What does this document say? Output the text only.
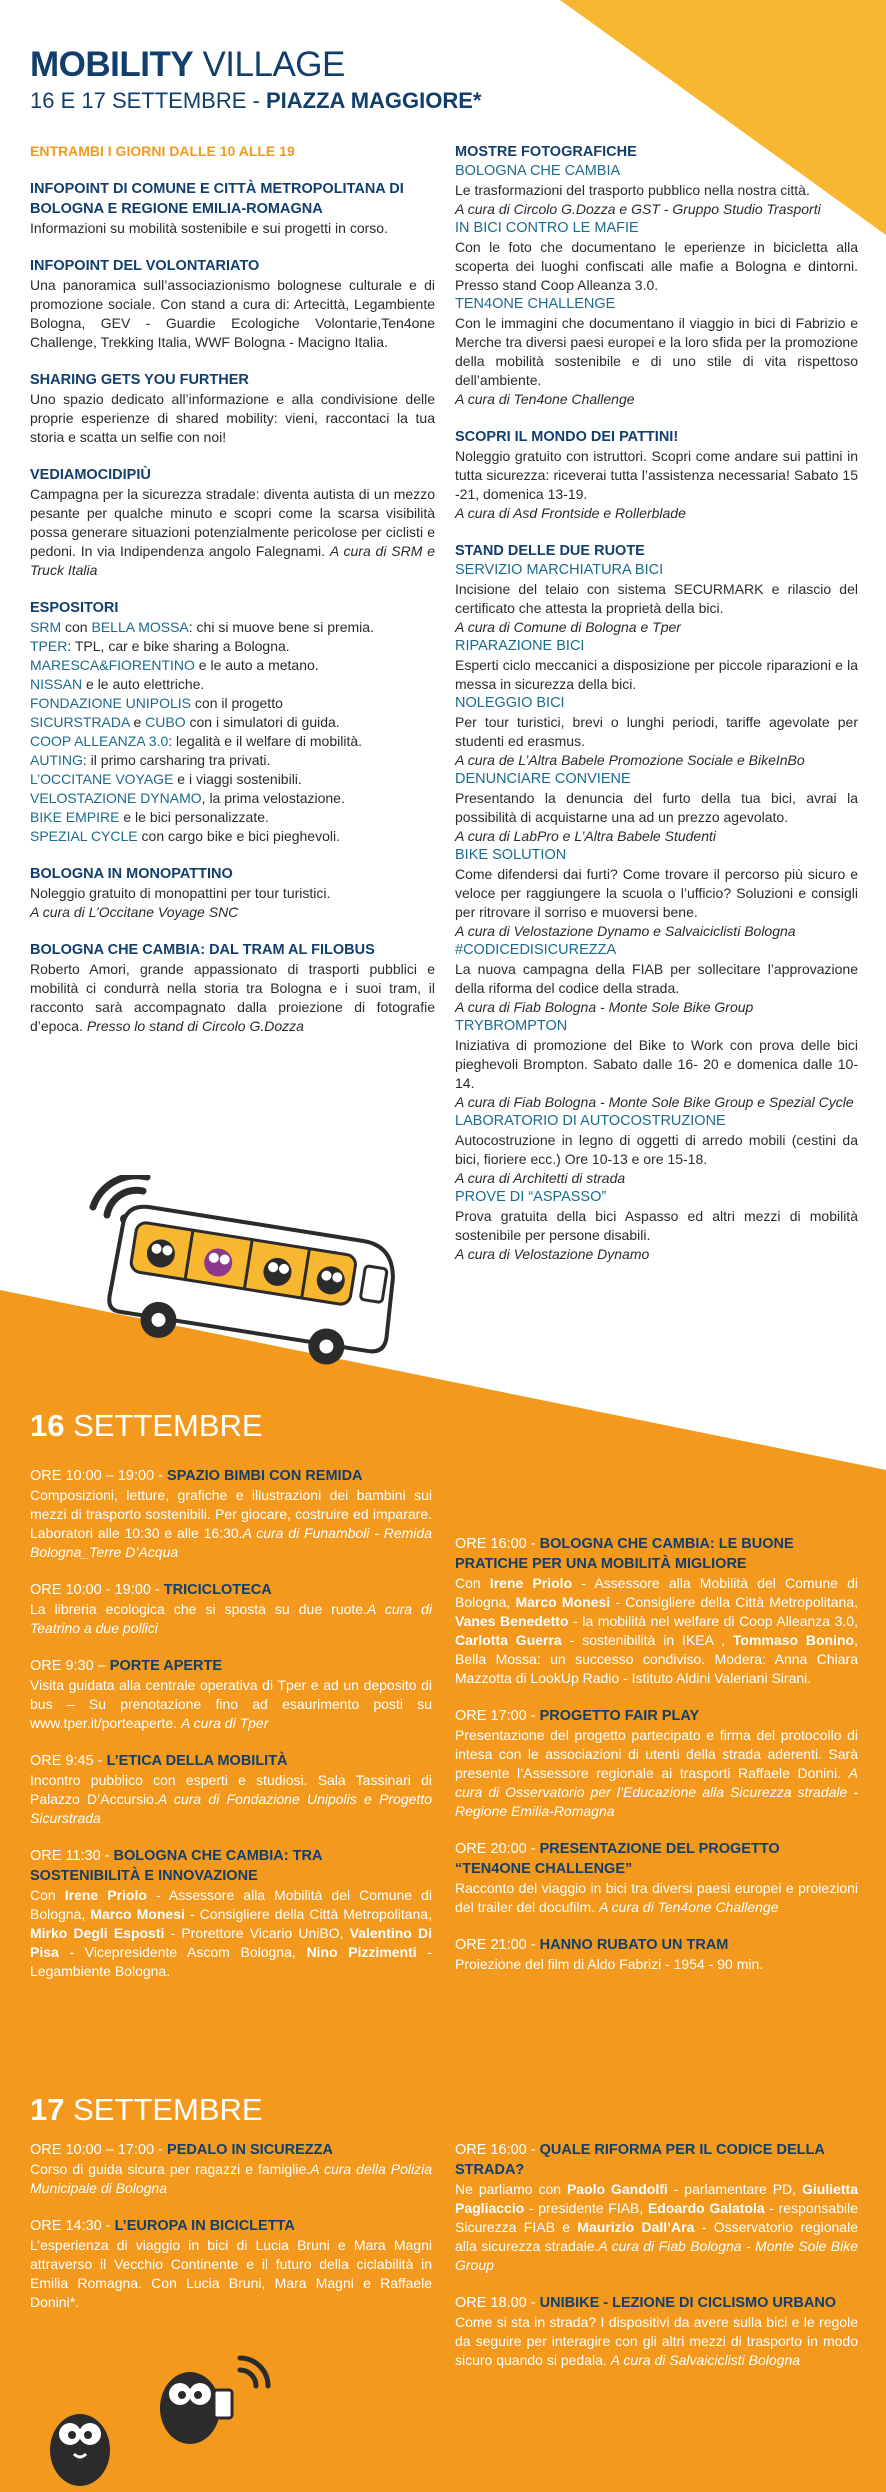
MOBILITY VILLAGE
16 E 17 SETTEMBRE - PIAZZA MAGGIORE*
ENTRAMBI I GIORNI DALLE 10 ALLE 19
INFOPOINT DI COMUNE E CITTÀ METROPOLITANA DI BOLOGNA E REGIONE EMILIA-ROMAGNA
Informazioni su mobilità sostenibile e sui progetti in corso.
INFOPOINT DEL VOLONTARIATO
Una panoramica sull’associazionismo bolognese culturale e di promozione sociale. Con stand a cura di: Artecittà, Legambiente Bologna, GEV - Guardie Ecologiche Volontarie,Ten4one Challenge, Trekking Italia, WWF Bologna - Macigno Italia.
SHARING GETS YOU FURTHER
Uno spazio dedicato all’informazione e alla condivisione delle proprie esperienze di shared mobility: vieni, raccontaci la tua storia e scatta un selfie con noi!
VEDIAMOCIDIPIÙ
Campagna per la sicurezza stradale: diventa autista di un mezzo pesante per qualche minuto e scopri come la scarsa visibilità possa generare situazioni potenzialmente pericolose per ciclisti e pedoni. In via Indipendenza angolo Falegnami. A cura di SRM e Truck Italia
ESPOSITORI
SRM con BELLA MOSSA: chi si muove bene si premia.
TPER: TPL, car e bike sharing a Bologna.
MARESCA&FIORENTINO e le auto a metano.
NISSAN e le auto elettriche.
FONDAZIONE UNIPOLIS con il progetto
SICURSTRADA e CUBO con i simulatori di guida.
COOP ALLEANZA 3.0: legalità e il welfare di mobilità.
AUTING: il primo carsharing tra privati.
L’OCCITANE VOYAGE e i viaggi sostenibili.
VELOSTAZIONE DYNAMO, la prima velostazione.
BIKE EMPIRE e le bici personalizzate.
SPEZIAL CYCLE con cargo bike e bici pieghevoli.
BOLOGNA IN MONOPATTINO
Noleggio gratuito di monopattini per tour turistici.
A cura di L’Occitane Voyage SNC
BOLOGNA CHE CAMBIA: DAL TRAM AL FILOBUS
Roberto Amori, grande appassionato di trasporti pubblici e mobilità ci condurrà nella storia tra Bologna e i suoi tram, il racconto sarà accompagnato dalla proiezione di fotografie d’epoca. Presso lo stand di Circolo G.Dozza
MOSTRE FOTOGRAFICHE
BOLOGNA CHE CAMBIA
Le trasformazioni del trasporto pubblico nella nostra città.
A cura di Circolo G.Dozza e GST - Gruppo Studio Trasporti
IN BICI CONTRO LE MAFIE
Con le foto che documentano le eperienze in bicicletta alla scoperta dei luoghi confiscati alle mafie a Bologna e dintorni. Presso stand Coop Alleanza 3.0.
TEN4ONE CHALLENGE
Con le immagini che documentano il viaggio in bici di Fabrizio e Merche tra diversi paesi europei e la loro sfida per la promozione della mobilità sostenibile e di uno stile di vita rispettoso dell’ambiente.
A cura di Ten4one Challenge
SCOPRI IL MONDO DEI PATTINI!
Noleggio gratuito con istruttori. Scopri come andare sui pattini in tutta sicurezza: riceverai tutta l’assistenza necessaria! Sabato 15 -21, domenica 13-19.
A cura di Asd Frontside e Rollerblade
STAND DELLE DUE RUOTE
SERVIZIO MARCHIATURA BICI
Incisione del telaio con sistema SECURMARK e rilascio del certificato che attesta la proprietà della bici.
A cura di Comune di Bologna e Tper
RIPARAZIONE BICI
Esperti ciclo meccanici a disposizione per piccole riparazioni e la messa in sicurezza della bici.
NOLEGGIO BICI
Per tour turistici, brevi o lunghi periodi, tariffe agevolate per studenti ed erasmus.
A cura de L’Altra Babele Promozione Sociale e BikeInBo
DENUNCIARE CONVIENE
Presentando la denuncia del furto della tua bici, avrai la possibilità di acquistarne una ad un prezzo agevolato.
A cura di LabPro e L’Altra Babele Studenti
BIKE SOLUTION
Come difendersi dai furti? Come trovare il percorso più sicuro e veloce per raggiungere la scuola o l’ufficio? Soluzioni e consigli per ritrovare il sorriso e muoversi bene.
A cura di Velostazione Dynamo e Salvaiciclisti Bologna
#CODICEDISICUREZZA
La nuova campagna della FIAB per sollecitare l’approvazione della riforma del codice della strada.
A cura di Fiab Bologna - Monte Sole Bike Group
TRYBROMPTON
Iniziativa di promozione del Bike to Work con prova delle bici pieghevoli Brompton. Sabato dalle 16- 20 e domenica dalle 10-14.
A cura di Fiab Bologna - Monte Sole Bike Group e Spezial Cycle
LABORATORIO DI AUTOCOSTRUZIONE
Autocostruzione in legno di oggetti di arredo mobili (cestini da bici, fioriere ecc.) Ore 10-13 e ore 15-18.
A cura di Architetti di strada
PROVE DI “ASPASSO”
Prova gratuita della bici Aspasso ed altri mezzi di mobilità sostenibile per persone disabili.
A cura di Velostazione Dynamo
16 SETTEMBRE
ORE 10:00 – 19:00 - SPAZIO BIMBI CON REMIDA
Composizioni, letture, grafiche e illustrazioni dei bambini sui mezzi di trasporto sostenibili. Per giocare, costruire ed imparare. Laboratori alle 10:30 e alle 16:30.A cura di Funamboli - Remida Bologna_Terre D’Acqua
ORE 10:00 - 19:00 - TRICICLOTECA
La libreria ecologica che si sposta su due ruote.A cura di Teatrino a due pollici
ORE 9:30 – PORTE APERTE
Visita guidata alla centrale operativa di Tper e ad un deposito di bus – Su prenotazione fino ad esaurimento posti su www.tper.it/porteaperte. A cura di Tper
ORE 9:45 - L’ETICA DELLA MOBILITÀ
Incontro pubblico con esperti e studiosi. Sala Tassinari di Palazzo D’Accursio.A cura di Fondazione Unipolis e Progetto Sicurstrada
ORE 11:30 - BOLOGNA CHE CAMBIA: TRA SOSTENIBILITÀ E INNOVAZIONE
Con Irene Priolo - Assessore alla Mobilità del Comune di Bologna, Marco Monesi - Consigliere della Città Metropolitana, Mirko Degli Esposti - Prorettore Vicario UniBO, Valentino Di Pisa - Vicepresidente Ascom Bologna, Nino Pizzimenti - Legambiente Bologna.
ORE 16:00 - BOLOGNA CHE CAMBIA: LE BUONE PRATICHE PER UNA MOBILITÀ MIGLIORE
Con Irene Priolo - Assessore alla Mobilità del Comune di Bologna, Marco Monesi - Consigliere della Città Metropolitana, Vanes Benedetto - la mobilità nel welfare di Coop Alleanza 3.0, Carlotta Guerra - sostenibilità in IKEA , Tommaso Bonino, Bella Mossa: un successo condiviso. Modera: Anna Chiara Mazzotta di LookUp Radio - Istituto Aldini Valeriani Sirani.
ORE 17:00 - PROGETTO FAIR PLAY
Presentazione del progetto partecipato e firma del protocollo di intesa con le associazioni di utenti della strada aderenti. Sarà presente l’Assessore regionale ai trasporti Raffaele Donini. A cura di Osservatorio per l’Educazione alla Sicurezza stradale - Regione Emilia-Romagna
ORE 20:00 - PRESENTAZIONE DEL PROGETTO “TEN4ONE CHALLENGE”
Racconto del viaggio in bici tra diversi paesi europei e proiezioni del trailer del docufilm. A cura di Ten4one Challenge
ORE 21:00 - HANNO RUBATO UN TRAM
Proiezione del film di Aldo Fabrizi - 1954 - 90 min.
17 SETTEMBRE
ORE 10:00 – 17:00 - PEDALO IN SICUREZZA
Corso di guida sicura per ragazzi e famiglie.A cura della Polizia Municipale di Bologna
ORE 14:30 - L’EUROPA IN BICICLETTA
L’esperienza di viaggio in bici di Lucia Bruni e Mara Magni attraverso il Vecchio Continente e il futuro della ciclabilità in Emilia Romagna. Con Lucia Bruni, Mara Magni e Raffaele Donini*.
ORE 16:00 - QUALE RIFORMA PER IL CODICE DELLA STRADA?
Ne parliamo con Paolo Gandolfi - parlamentare PD, Giulietta Pagliaccio - presidente FIAB, Edoardo Galatola - responsabile Sicurezza FIAB e Maurizio Dall’Ara - Osservatorio regionale alla sicurezza stradale.A cura di Fiab Bologna - Monte Sole Bike Group
ORE 18.00 - UNIBIKE - LEZIONE DI CICLISMO URBANO
Come si sta in strada? I dispositivi da avere sulla bici e le regole da seguire per interagire con gli altri mezzi di trasporto in modo sicuro quando si pedala. A cura di Salvaiciclisti Bologna
